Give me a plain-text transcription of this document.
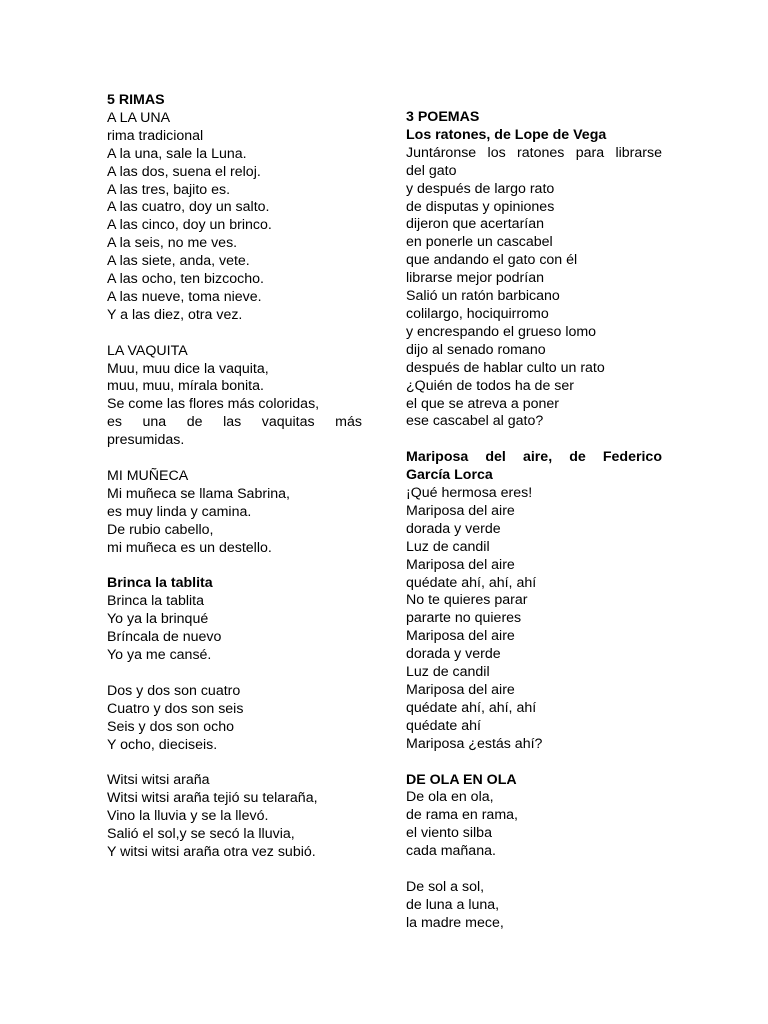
5 RIMAS
A LA UNA
rima tradicional
A la una, sale la Luna.
A las dos, suena el reloj.
A las tres, bajito es.
A las cuatro, doy un salto.
A las cinco, doy un brinco.
A la seis, no me ves.
A las siete, anda, vete.
A las ocho, ten bizcocho.
A las nueve, toma nieve.
Y a las diez, otra vez.
LA VAQUITA
Muu, muu dice la vaquita,
muu, muu, mírala bonita.
Se come las flores más coloridas,
es una de las vaquitas más
presumidas.
MI MUÑECA
Mi muñeca se llama Sabrina,
es muy linda y camina.
De rubio cabello,
mi muñeca es un destello.
Brinca la tablita
Brinca la tablita
Yo ya la brinqué
Bríncala de nuevo
Yo ya me cansé.
Dos y dos son cuatro
Cuatro y dos son seis
Seis y dos son ocho
Y ocho, dieciseis.
Witsi witsi araña
Witsi witsi araña tejió su telaraña,
Vino la lluvia y se la llevó.
Salió el sol,y se secó la lluvia,
Y witsi witsi araña otra vez subió.
3 POEMAS
Los ratones, de Lope de Vega
Juntáronse los ratones para librarse
del gato
y después de largo rato
de disputas y opiniones
dijeron que acertarían
en ponerle un cascabel
que andando el gato con él
librarse mejor podrían
Salió un ratón barbicano
colilargo, hociquirromo
y encrespando el grueso lomo
dijo al senado romano
después de hablar culto un rato
¿Quién de todos ha de ser
el que se atreva a poner
ese cascabel al gato?
Mariposa del aire, de Federico
García Lorca
¡Qué hermosa eres!
Mariposa del aire
dorada y verde
Luz de candil
Mariposa del aire
quédate ahí, ahí, ahí
No te quieres parar
pararte no quieres
Mariposa del aire
dorada y verde
Luz de candil
Mariposa del aire
quédate ahí, ahí, ahí
quédate ahí
Mariposa ¿estás ahí?
DE OLA EN OLA
De ola en ola,
de rama en rama,
el viento silba
cada mañana.
De sol a sol,
de luna a luna,
la madre mece,
